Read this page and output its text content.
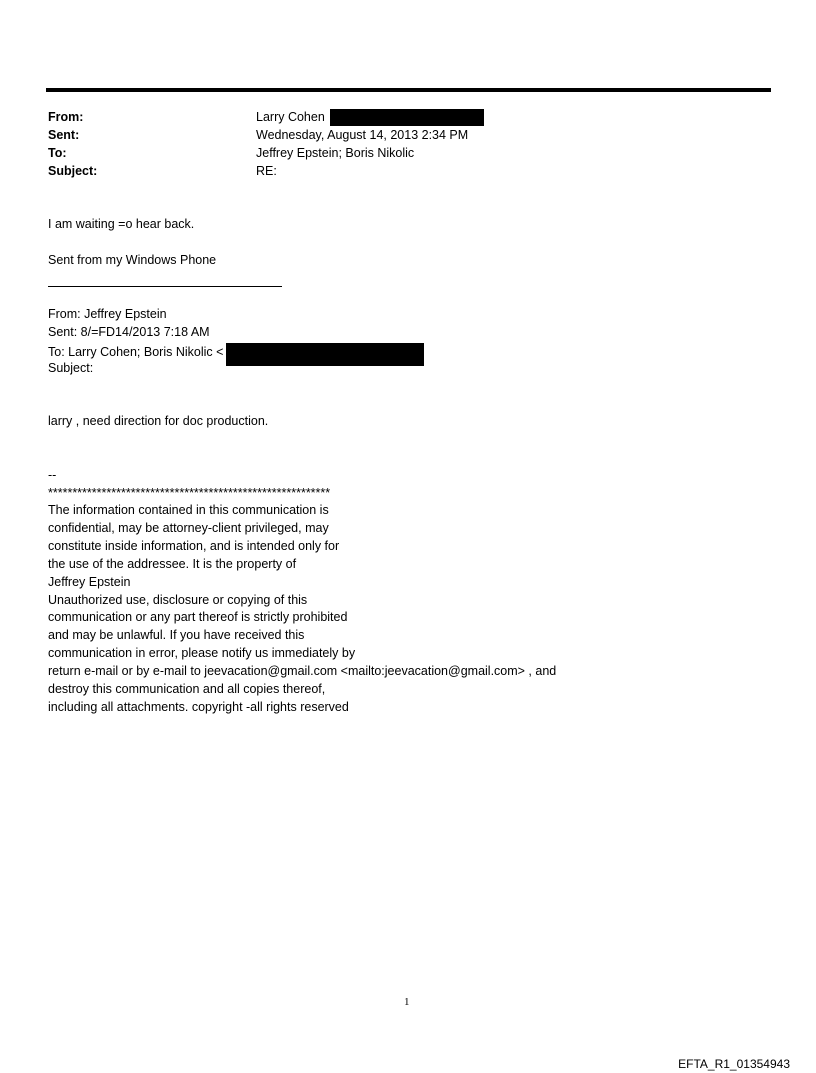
From:	Larry Cohen
Sent:	Wednesday, August 14, 2013 2:34 PM
To:	Jeffrey Epstein; Boris Nikolic
Subject:	RE:
I am waiting =o hear back.
Sent from my Windows Phone
From: Jeffrey Epstein
Sent: 8/=FD14/2013 7:18 AM
To: Larry Cohen; Boris Nikolic <
Subject:
larry , need direction for doc production.
--
**********************************************************
The information contained in this communication is
confidential, may be attorney-client privileged, may
constitute inside information, and is intended only for
the use of the addressee. It is the property of
Jeffrey Epstein
Unauthorized use, disclosure or copying of this
communication or any part thereof is strictly prohibited
and may be unlawful. If you have received this
communication in error, please notify us immediately by
return e-mail or by e-mail to jeevacation@gmail.com <mailto:jeevacation@gmail.com> , and
destroy this communication and all copies thereof,
including all attachments. copyright -all rights reserved
1
EFTA_R1_01354943
